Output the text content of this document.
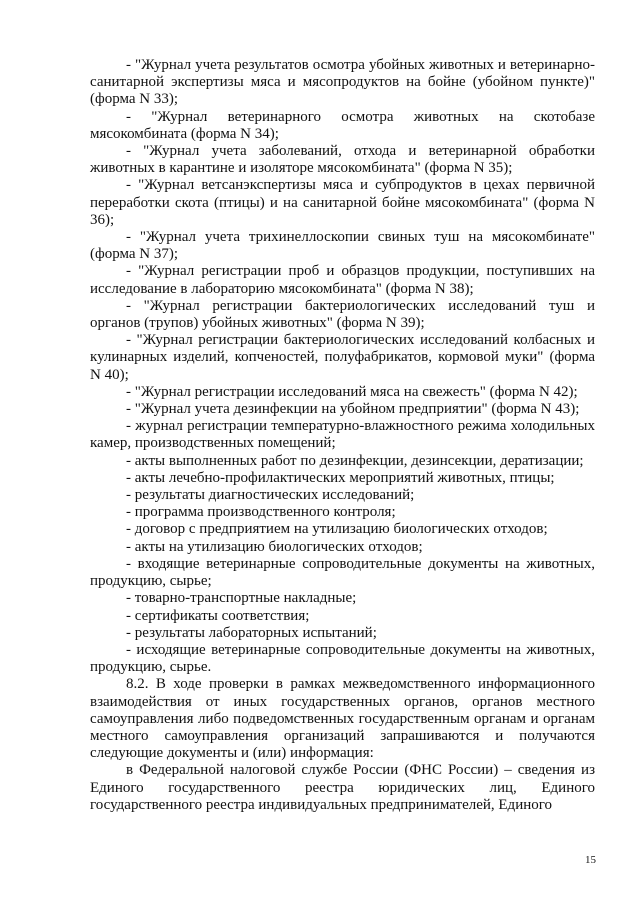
- "Журнал учета результатов осмотра убойных животных и ветеринарно-санитарной экспертизы мяса и мясопродуктов на бойне (убойном пункте)" (форма N 33);

- "Журнал ветеринарного осмотра животных на скотобазе мясокомбината (форма N 34);

- "Журнал учета заболеваний, отхода и ветеринарной обработки животных в карантине и изоляторе мясокомбината" (форма N 35);

- "Журнал ветсанэкспертизы мяса и субпродуктов в цехах первичной переработки скота (птицы) и на санитарной бойне мясокомбината" (форма N 36);

- "Журнал учета трихинеллоскопии свиных туш на мясокомбинате" (форма N 37);

- "Журнал регистрации проб и образцов продукции, поступивших на исследование в лабораторию мясокомбината" (форма N 38);

- "Журнал регистрации бактериологических исследований туш и органов (трупов) убойных животных" (форма N 39);

- "Журнал регистрации бактериологических исследований колбасных и кулинарных изделий, копченостей, полуфабрикатов, кормовой муки" (форма N 40);

- "Журнал регистрации исследований мяса на свежесть" (форма N 42);

- "Журнал учета дезинфекции на убойном предприятии" (форма N 43);

- журнал регистрации температурно-влажностного режима холодильных камер, производственных помещений;

- акты выполненных работ по дезинфекции, дезинсекции, дератизации;

- акты лечебно-профилактических мероприятий животных, птицы;

- результаты диагностических исследований;

- программа производственного контроля;

- договор с предприятием на утилизацию биологических отходов;

- акты на утилизацию биологических отходов;

- входящие ветеринарные сопроводительные документы на животных, продукцию, сырье;

- товарно-транспортные накладные;

- сертификаты соответствия;

- результаты лабораторных испытаний;

- исходящие ветеринарные сопроводительные документы на животных, продукцию, сырье.

8.2. В ходе проверки в рамках межведомственного информационного взаимодействия от иных государственных органов, органов местного самоуправления либо подведомственных государственным органам и органам местного самоуправления организаций запрашиваются и получаются следующие документы и (или) информация:

в Федеральной налоговой службе России (ФНС России) – сведения из Единого государственного реестра юридических лиц, Единого государственного реестра индивидуальных предпринимателей, Единого

15
